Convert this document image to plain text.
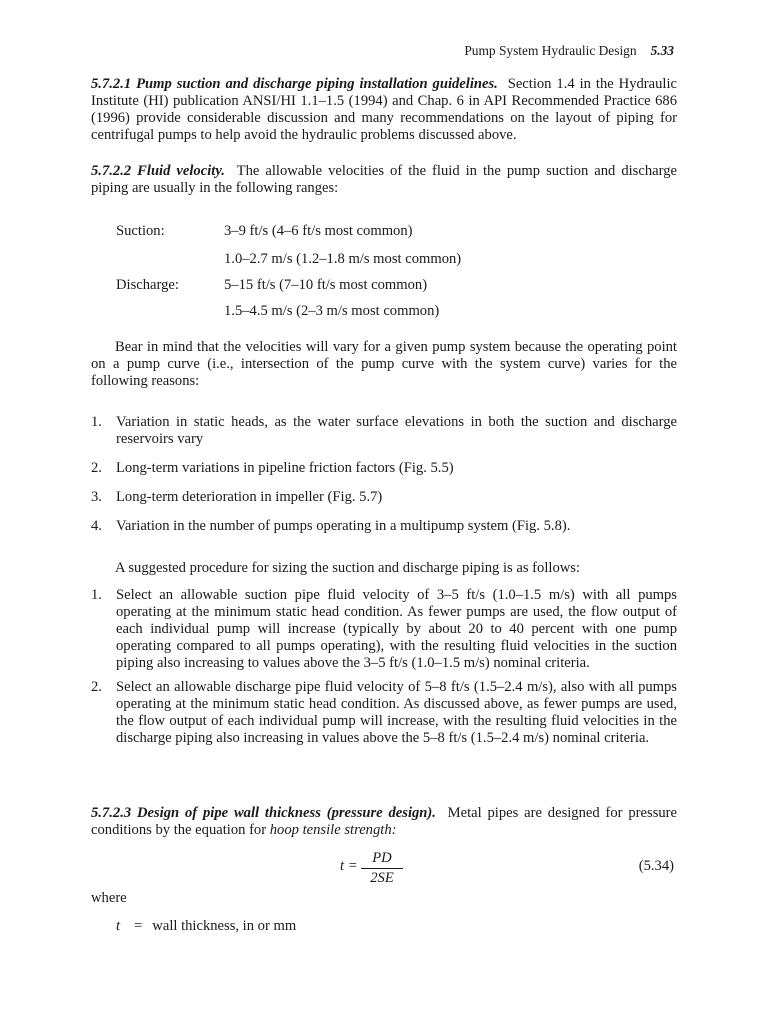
Pump System Hydraulic Design 5.33
5.7.2.1 Pump suction and discharge piping installation guidelines. Section 1.4 in the Hydraulic Institute (HI) publication ANSI/HI 1.1–1.5 (1994) and Chap. 6 in API Recommended Practice 686 (1996) provide considerable discussion and many recommendations on the layout of piping for centrifugal pumps to help avoid the hydraulic problems discussed above.
5.7.2.2 Fluid velocity. The allowable velocities of the fluid in the pump suction and discharge piping are usually in the following ranges:
Suction:	3–9 ft/s (4–6 ft/s most common)
1.0–2.7 m/s (1.2–1.8 m/s most common)
Discharge:	5–15 ft/s (7–10 ft/s most common)
1.5–4.5 m/s (2–3 m/s most common)
Bear in mind that the velocities will vary for a given pump system because the operating point on a pump curve (i.e., intersection of the pump curve with the system curve) varies for the following reasons:
1. Variation in static heads, as the water surface elevations in both the suction and discharge reservoirs vary
2. Long-term variations in pipeline friction factors (Fig. 5.5)
3. Long-term deterioration in impeller (Fig. 5.7)
4. Variation in the number of pumps operating in a multipump system (Fig. 5.8).
A suggested procedure for sizing the suction and discharge piping is as follows:
1. Select an allowable suction pipe fluid velocity of 3–5 ft/s (1.0–1.5 m/s) with all pumps operating at the minimum static head condition. As fewer pumps are used, the flow output of each individual pump will increase (typically by about 20 to 40 percent with one pump operating compared to all pumps operating), with the resulting fluid velocities in the suction piping also increasing to values above the 3–5 ft/s (1.0–1.5 m/s) nominal criteria.
2. Select an allowable discharge pipe fluid velocity of 5–8 ft/s (1.5–2.4 m/s), also with all pumps operating at the minimum static head condition. As discussed above, as fewer pumps are used, the flow output of each individual pump will increase, with the resulting fluid velocities in the discharge piping also increasing in values above the 5–8 ft/s (1.5–2.4 m/s) nominal criteria.
5.7.2.3 Design of pipe wall thickness (pressure design). Metal pipes are designed for pressure conditions by the equation for hoop tensile strength:
t =	PD
2SE
(5.34)
where
t = wall thickness, in or mm
